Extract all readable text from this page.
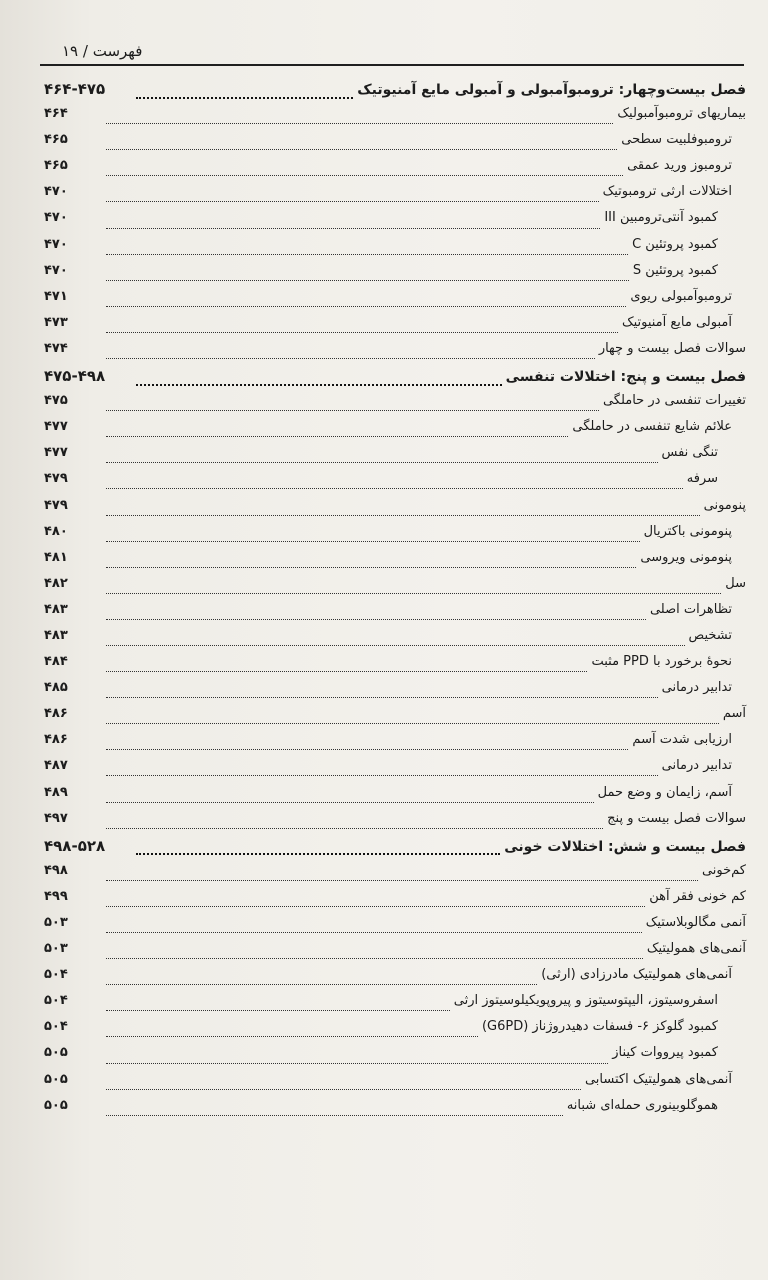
فهرست / ۱۹
۴۶۴-۴۷۵	فصل بیست‌وچهار: ترومبوآمبولی و آمبولی مایع آمنیوتیک
۴۶۴	بیماریهای ترومبوآمبولیک
۴۶۵	ترومبوفلبیت سطحی
۴۶۵	ترومبوز ورید عمقی
۴۷۰	اختلالات ارثی ترومبوتیک
۴۷۰	کمبود آنتی‌ترومبین III
۴۷۰	کمبود پروتئین C
۴۷۰	کمبود پروتئین S
۴۷۱	ترومبوآمبولی ریوی
۴۷۳	آمبولی مایع آمنیوتیک
۴۷۴	سوالات فصل بیست و چهار
۴۷۵-۴۹۸	فصل بیست و پنج: اختلالات تنفسی
۴۷۵	تغییرات تنفسی در حاملگی
۴۷۷	علائم شایع تنفسی در حاملگی
۴۷۷	تنگی نفس
۴۷۹	سرفه
۴۷۹	پنومونی
۴۸۰	پنومونی باکتریال
۴۸۱	پنومونی ویروسی
۴۸۲	سل
۴۸۳	تظاهرات اصلی
۴۸۳	تشخیص
۴۸۴	نحوهٔ برخورد با PPD مثبت
۴۸۵	تدابیر درمانی
۴۸۶	آسم
۴۸۶	ارزیابی شدت آسم
۴۸۷	تدابیر درمانی
۴۸۹	آسم، زایمان و وضع حمل
۴۹۷	سوالات فصل بیست و پنج
۴۹۸-۵۲۸	فصل بیست و شش: اختلالات خونی
۴۹۸	کم‌خونی
۴۹۹	کم خونی فقر آهن
۵۰۳	آنمی مگالوبلاستیک
۵۰۳	آنمی‌های همولیتیک
۵۰۴	آنمی‌های همولیتیک مادرزادی (ارثی)
۵۰۴	اسفروسیتوز، الیپتوسیتوز و پیروپویکیلوسیتوز ارثی
۵۰۴	کمبود گلوکز ۶- فسفات دهیدروژناز (G6PD)
۵۰۵	کمبود پیرووات کیناز
۵۰۵	آنمی‌های همولیتیک اکتسابی
۵۰۵	هموگلوبینوری حمله‌ای شبانه
